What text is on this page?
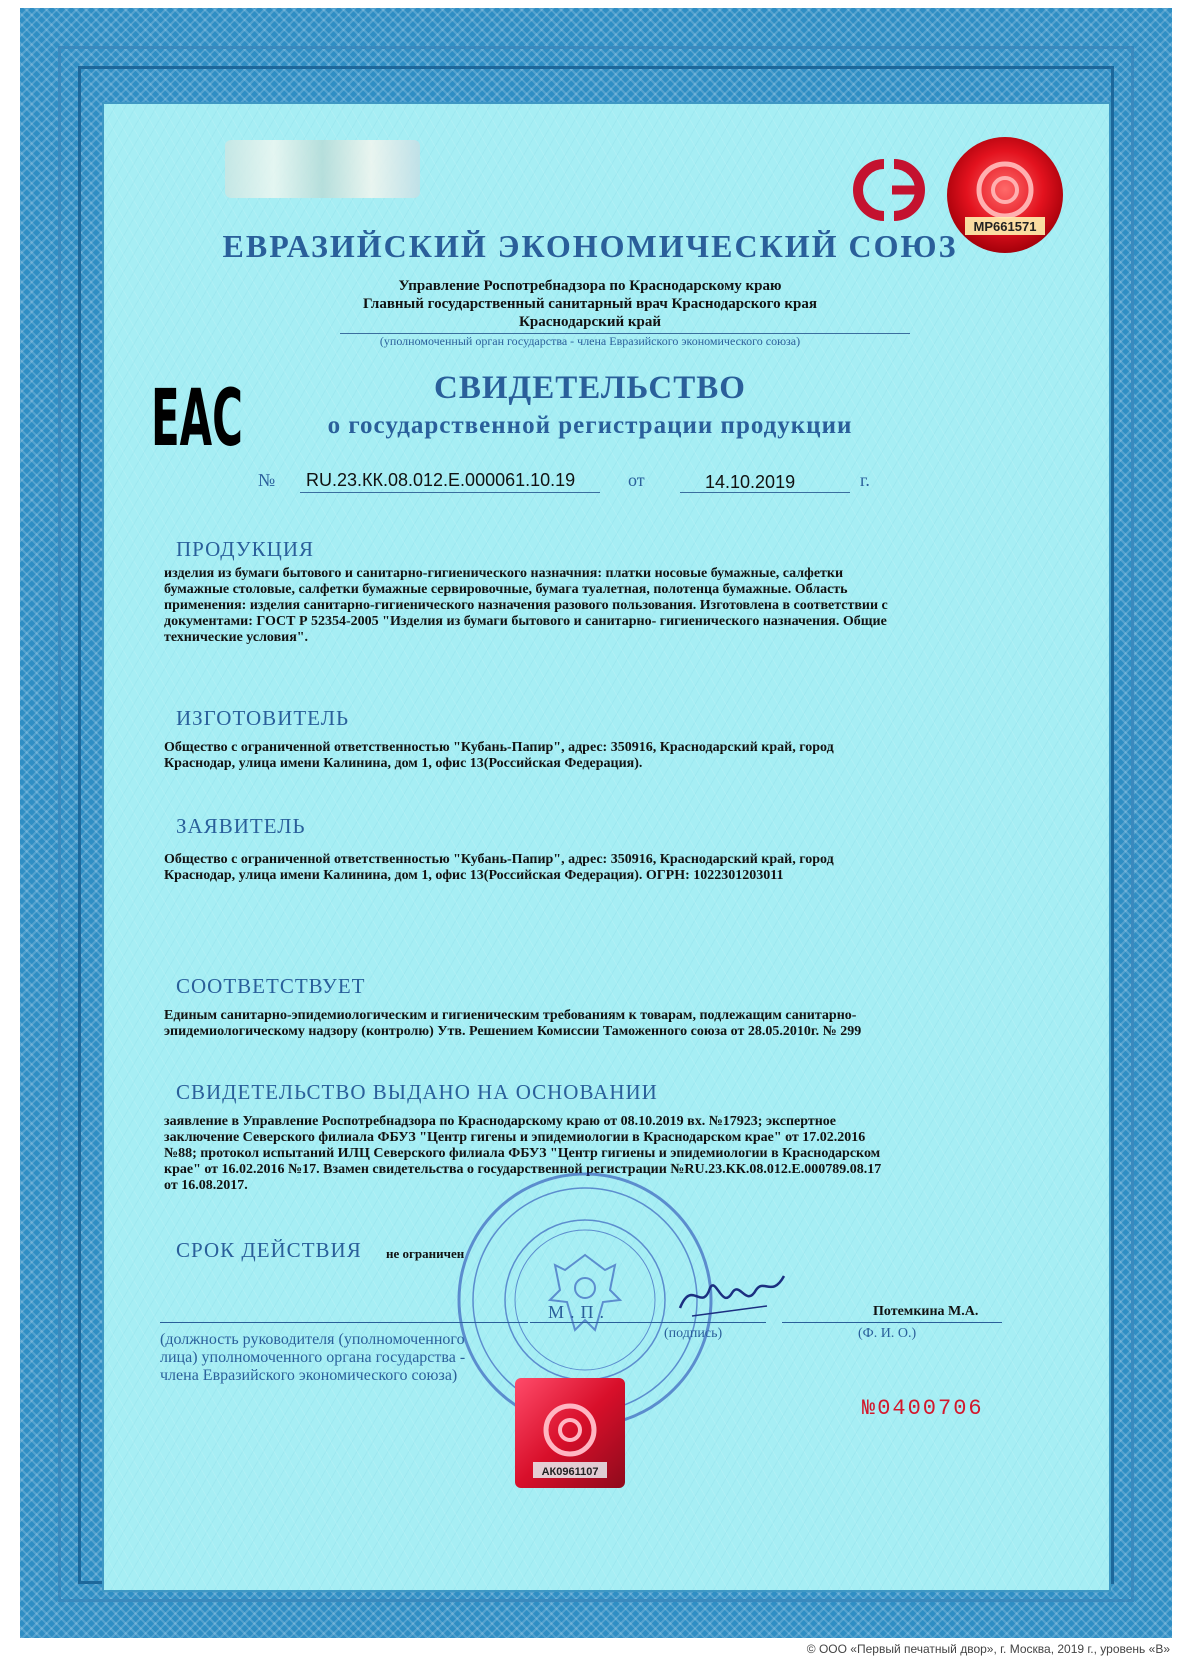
МР661571
ЕВРАЗИЙСКИЙ ЭКОНОМИЧЕСКИЙ СОЮЗ
Управление Роспотребнадзора по Краснодарскому краю
Главный государственный санитарный врач Краснодарского края
Краснодарский край
(уполномоченный орган государства - члена Евразийского экономического союза)
EAC	СВИДЕТЕЛЬСТВО
о государственной регистрации продукции
№ RU.23.КК.08.012.Е.000061.10.19	от	14.10.2019	г.
ПРОДУКЦИЯ
изделия из бумаги бытового и санитарно-гигиенического назначния: платки носовые бумажные, салфетки
бумажные столовые, салфетки бумажные сервировочные, бумага туалетная, полотенца бумажные. Область
применения: изделия санитарно-гигиенического назначения разового пользования. Изготовлена в соответствии с
документами: ГОСТ Р 52354-2005 "Изделия из бумаги бытового и санитарно- гигиенического назначения. Общие
технические условия".
ИЗГОТОВИТЕЛЬ
Общество с ограниченной ответственностью "Кубань-Папир", адрес: 350916, Краснодарский край, город
Краснодар, улица имени Калинина, дом 1, офис 13(Российская Федерация).
ЗАЯВИТЕЛЬ
Общество с ограниченной ответственностью "Кубань-Папир", адрес: 350916, Краснодарский край, город
Краснодар, улица имени Калинина, дом 1, офис 13(Российская Федерация). ОГРН: 1022301203011
СООТВЕТСТВУЕТ
Единым санитарно-эпидемиологическим и гигиеническим требованиям к товарам, подлежащим санитарно-
эпидемиологическому надзору (контролю) Утв. Решением Комиссии Таможенного союза от 28.05.2010г. № 299
СВИДЕТЕЛЬСТВО ВЫДАНО НА ОСНОВАНИИ
заявление в Управление Роспотребнадзора по Краснодарскому краю от 08.10.2019 вх. №17923; экспертное
заключение Северского филиала ФБУЗ "Центр гигены и эпидемиологии в Краснодарском крае" от 17.02.2016
№88; протокол испытаний ИЛЦ Северского филиала ФБУЗ "Центр гигиены и эпидемиологии в Краснодарском
крае" от 16.02.2016 №17. Взамен свидетельства о государственной регистрации №RU.23.КК.08.012.Е.000789.08.17
от 16.08.2017.
СРОК ДЕЙСТВИЯ не ограничен
М.П.	Потемкина М.А.
(подпись)	(Ф. И. О.)
(должность руководителя (уполномоченного
лица) уполномоченного органа государства -
члена Евразийского экономического союза)
АК0961107
№0400706
© ООО «Первый печатный двор», г. Москва, 2019 г., уровень «В»
